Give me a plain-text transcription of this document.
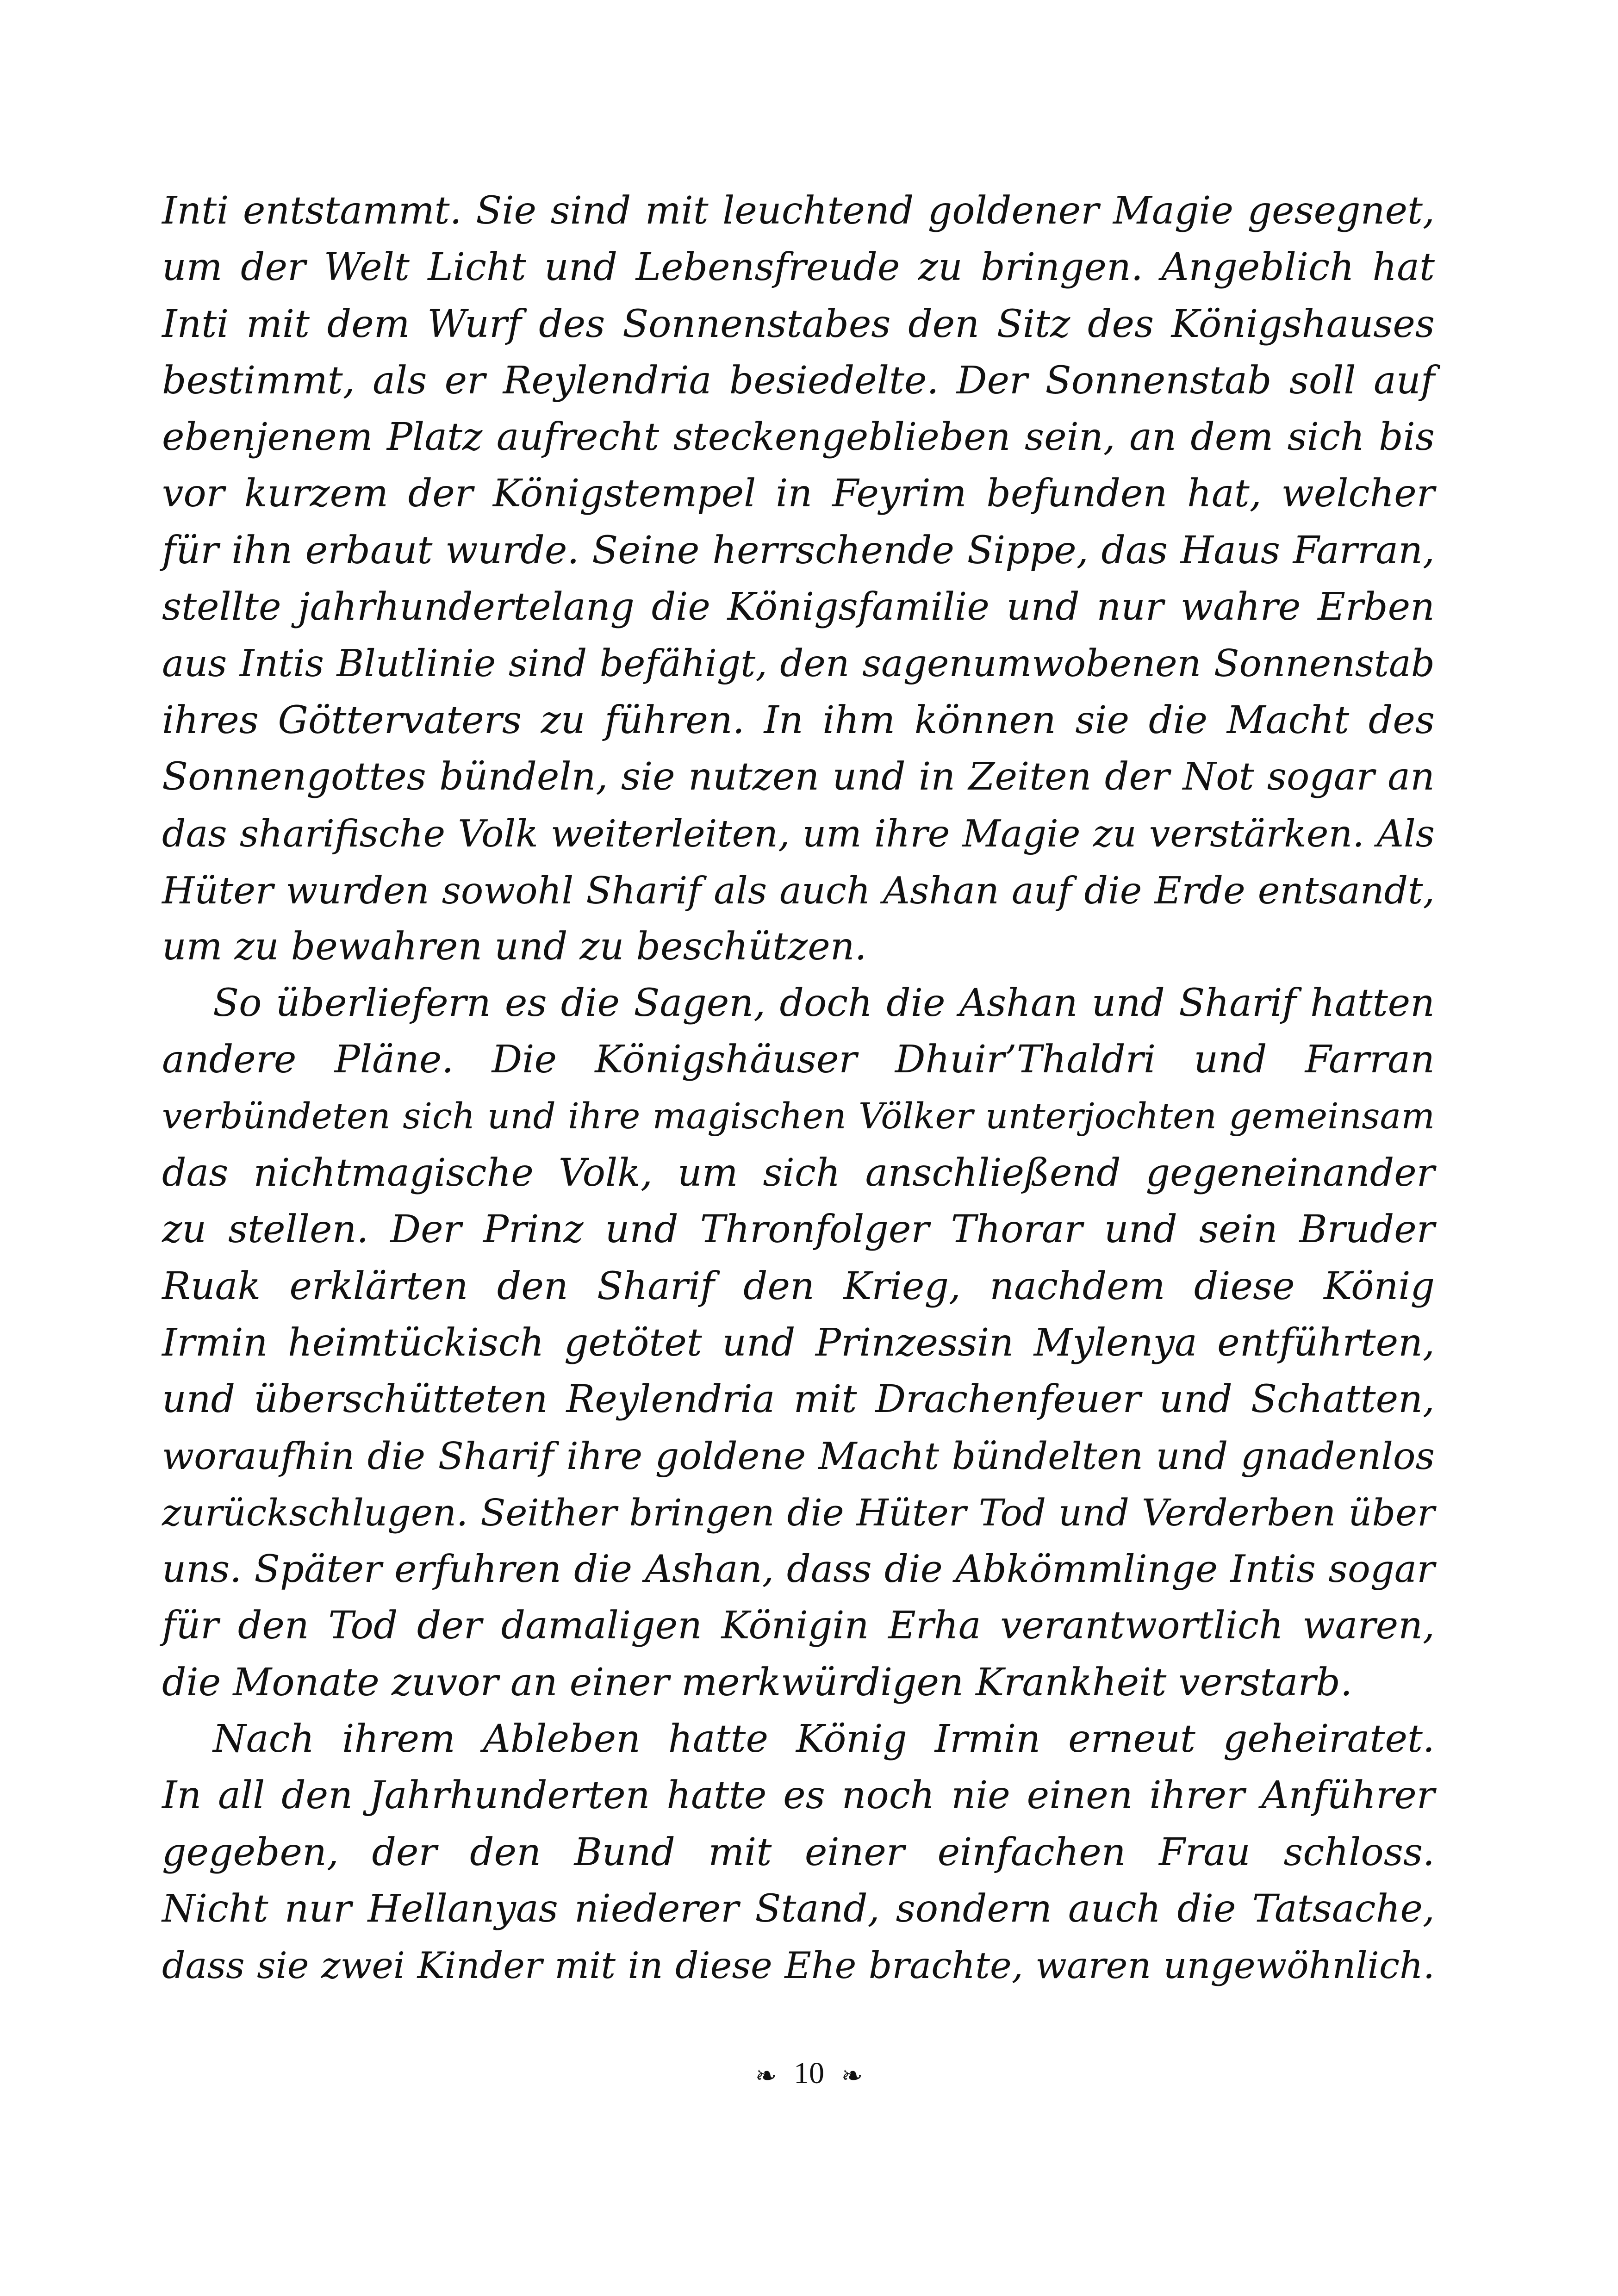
Inti entstammt. Sie sind mit leuchtend goldener Magie gesegnet,
um der Welt Licht und Lebensfreude zu bringen. Angeblich hat
Inti mit dem Wurf des Sonnenstabes den Sitz des Königshauses
bestimmt, als er Reylendria besiedelte. Der Sonnenstab soll auf
ebenjenem Platz aufrecht steckengeblieben sein, an dem sich bis
vor kurzem der Königstempel in Feyrim befunden hat, welcher
für ihn erbaut wurde. Seine herrschende Sippe, das Haus Farran,
stellte jahrhundertelang die Königsfamilie und nur wahre Erben
aus Intis Blutlinie sind befähigt, den sagenumwobenen Sonnenstab
ihres Göttervaters zu führen. In ihm können sie die Macht des
Sonnengottes bündeln, sie nutzen und in Zeiten der Not sogar an
das sharifische Volk weiterleiten, um ihre Magie zu verstärken. Als
Hüter wurden sowohl Sharif als auch Ashan auf die Erde entsandt,
um zu bewahren und zu beschützen.
So überliefern es die Sagen, doch die Ashan und Sharif hatten
andere Pläne. Die Königshäuser Dhuir’Thaldri und Farran
verbündeten sich und ihre magischen Völker unterjochten gemeinsam
das nichtmagische Volk, um sich anschließend gegeneinander
zu stellen. Der Prinz und Thronfolger Thorar und sein Bruder
Ruak erklärten den Sharif den Krieg, nachdem diese König
Irmin heimtückisch getötet und Prinzessin Mylenya entführten,
und überschütteten Reylendria mit Drachenfeuer und Schatten,
woraufhin die Sharif ihre goldene Macht bündelten und gnadenlos
zurückschlugen. Seither bringen die Hüter Tod und Verderben über
uns. Später erfuhren die Ashan, dass die Abkömmlinge Intis sogar
für den Tod der damaligen Königin Erha verantwortlich waren,
die Monate zuvor an einer merkwürdigen Krankheit verstarb.
Nach ihrem Ableben hatte König Irmin erneut geheiratet.
In all den Jahrhunderten hatte es noch nie einen ihrer Anführer
gegeben, der den Bund mit einer einfachen Frau schloss.
Nicht nur Hellanyas niederer Stand, sondern auch die Tatsache,
dass sie zwei Kinder mit in diese Ehe brachte, waren ungewöhnlich.
❧ 10 ❧
